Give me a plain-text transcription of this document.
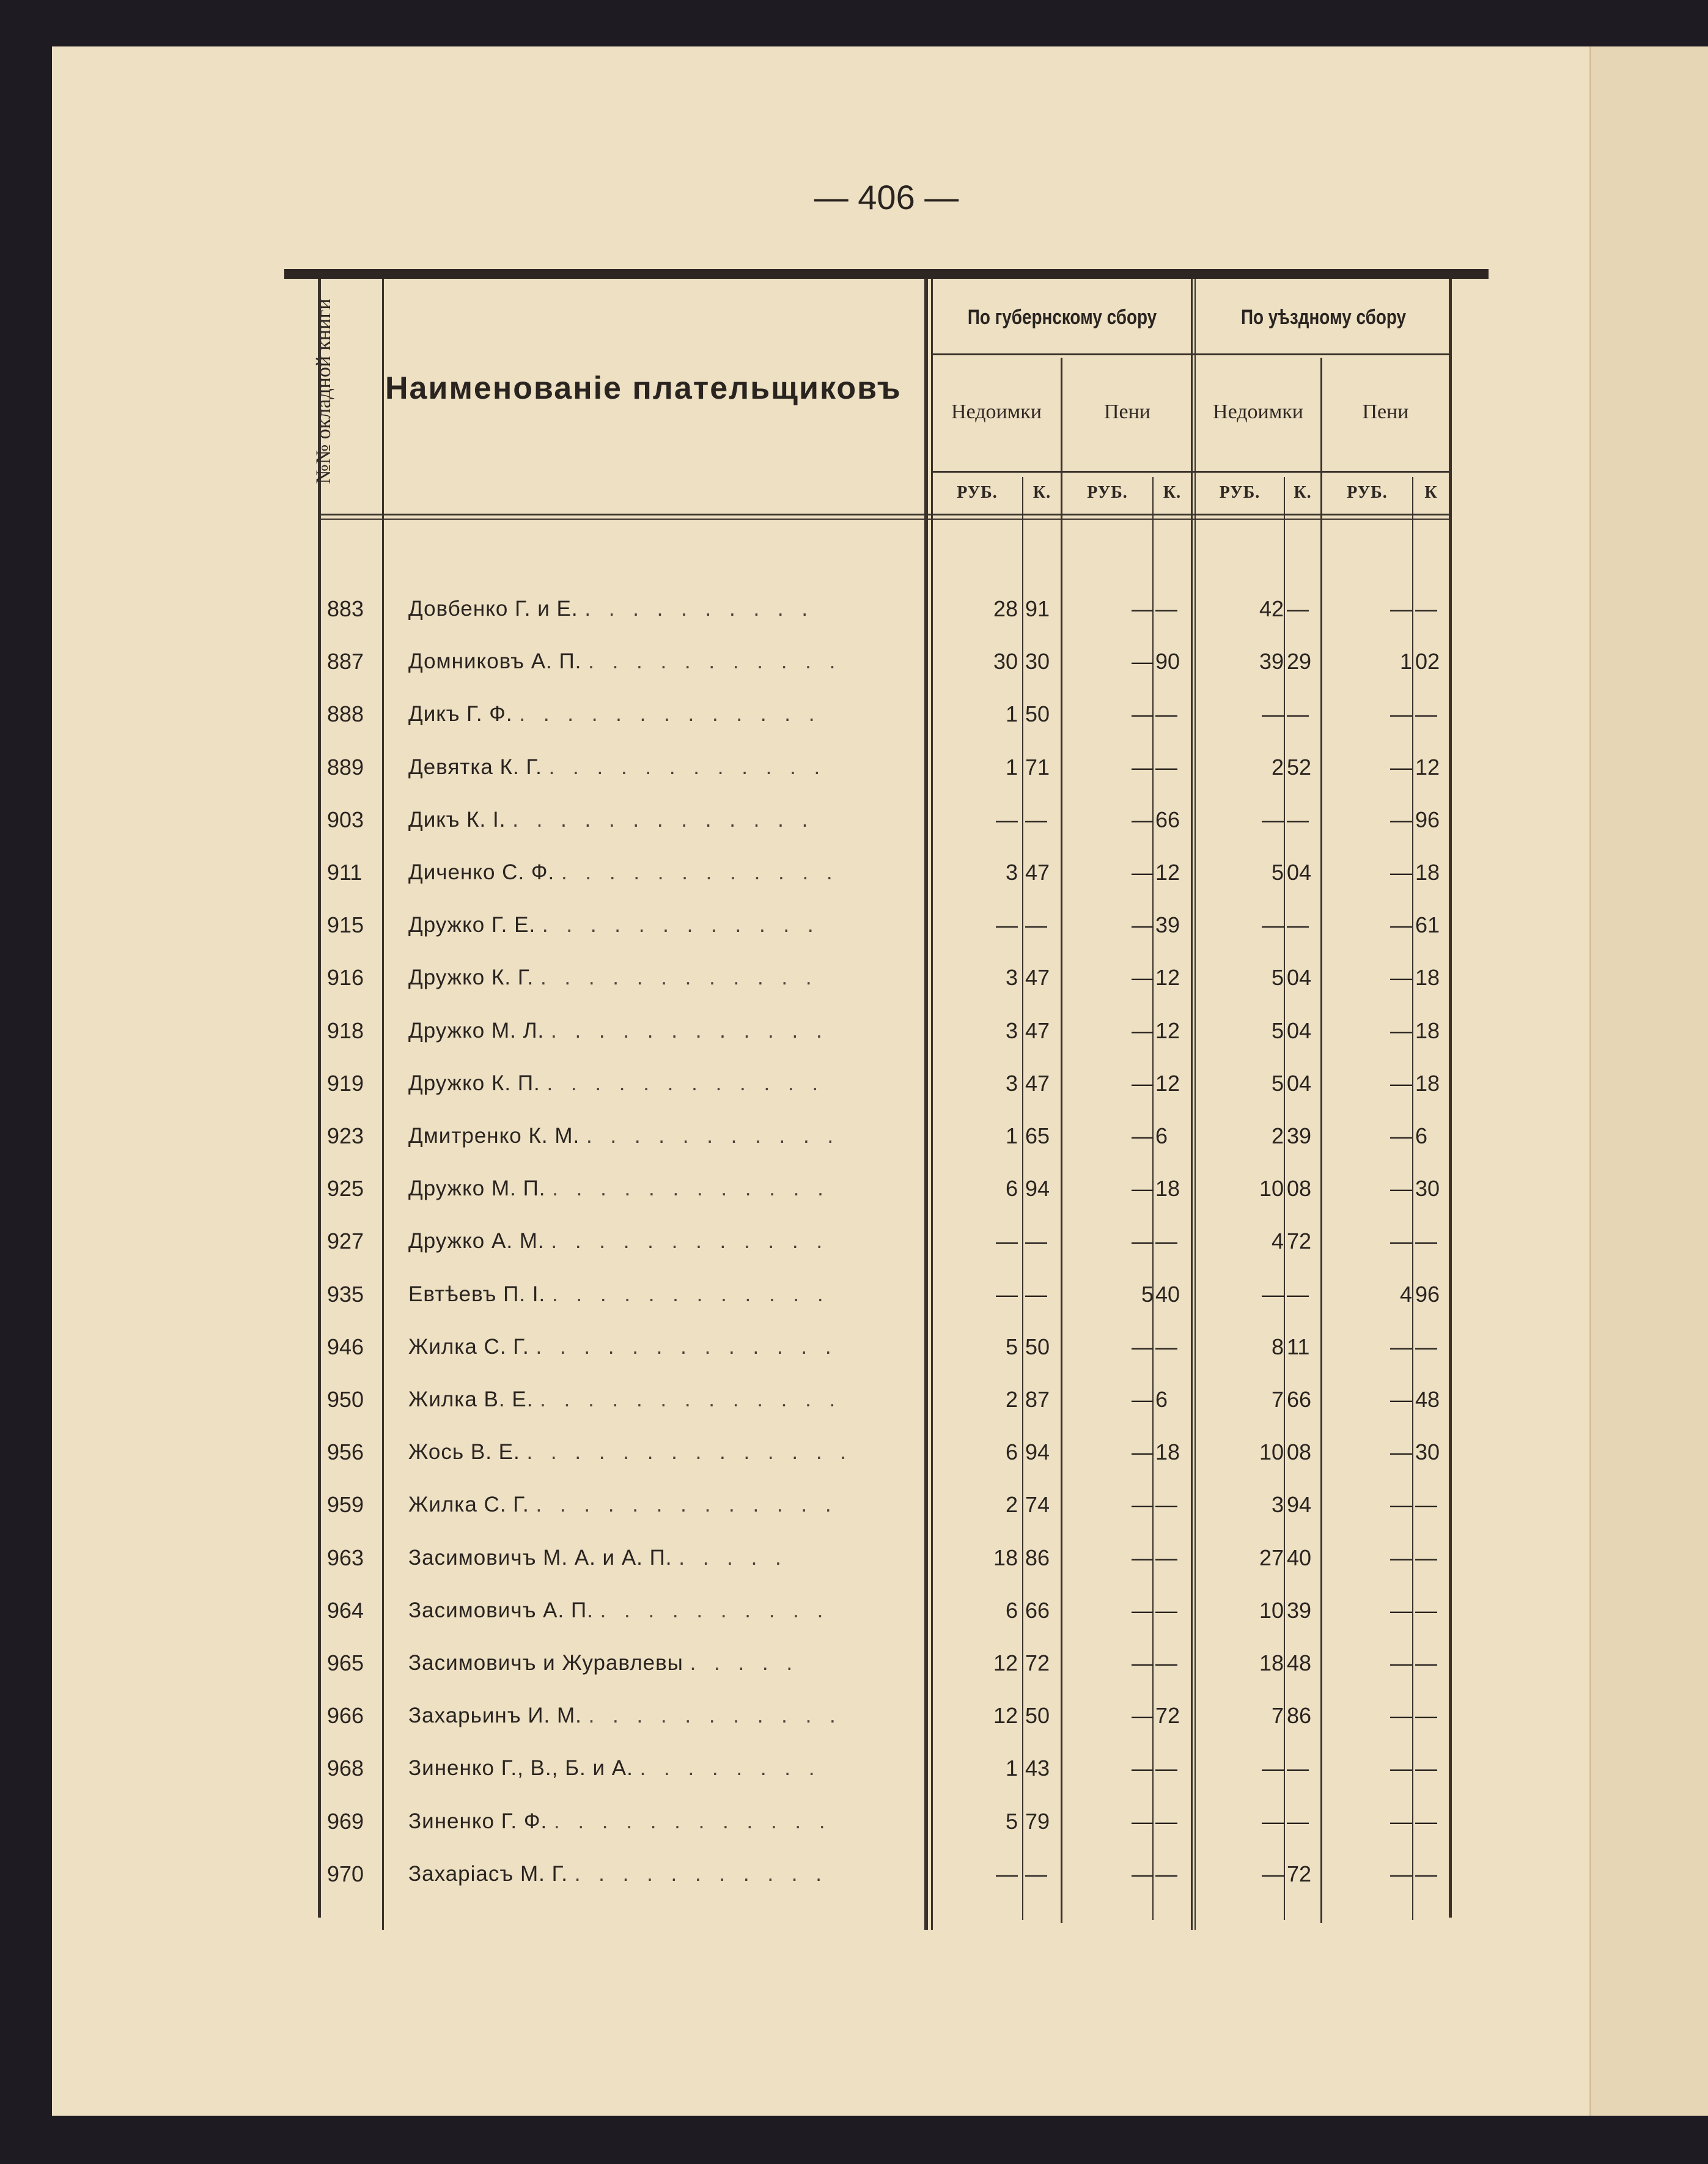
— 406 —
№№ окладной книги Наименованіе плательщиковъ
По губернскому сбору	По уѣздному сбору
Недоимки	Пени	Недоимки	Пени
РУБ.	К.	РУБ.	К.	РУБ.	К.	РУБ.	К
883	Довбенко Г. и Е. . . . . . . . . . .	28 91	— —	42 —	— —
887	Домниковъ А. П. . . . . . . . . . . .	30 30	— 90	39 29	1 02
888	Дикъ Г. Ф. . . . . . . . . . . . . .	1 50	— —	— —	— —
889	Девятка К. Г. . . . . . . . . . . . .	1 71	— —	2 52	— 12
903	Дикъ К. І. . . . . . . . . . . . . .	— —	— 66	— —	— 96
911	Диченко С. Ф. . . . . . . . . . . . .	3 47	— 12	5 04	— 18
915	Дружко Г. Е. . . . . . . . . . . . .	— —	— 39	— —	— 61
916	Дружко К. Г. . . . . . . . . . . . .	3 47	— 12	5 04	— 18
918	Дружко М. Л. . . . . . . . . . . . .	3 47	— 12	5 04	— 18
919	Дружко К. П. . . . . . . . . . . . .	3 47	— 12	5 04	— 18
923	Дмитренко К. М. . . . . . . . . . . .	1 65	— 6	2 39	— 6
925	Дружко М. П. . . . . . . . . . . . .	6 94	— 18	10 08	— 30
927	Дружко А. М. . . . . . . . . . . . .	— —	— —	4 72	— —
935	Евтѣевъ П. І. . . . . . . . . . . . .	— —	5 40	— —	4 96
946	Жилка С. Г. . . . . . . . . . . . . .	5 50	— —	8 11	— —
950	Жилка В. Е. . . . . . . . . . . . . .	2 87	— 6	7 66	— 48
956	Жось В. Е. . . . . . . . . . . . . . .	6 94	— 18	10 08	— 30
959	Жилка С. Г. . . . . . . . . . . . . .	2 74	— —	3 94	— —
963	Засимовичъ М. А. и А. П. . . . . .	18 86	— —	27 40	— —
964	Засимовичъ А. П. . . . . . . . . . .	6 66	— —	10 39	— —
965	Засимовичъ и Журавлевы . . . . .	12 72	— —	18 48	— —
966	Захарьинъ И. М. . . . . . . . . . . .	12 50	— 72	7 86	— —
968	Зиненко Г., В., Б. и А. . . . . . . . .	1 43	— —	— —	— —
969	Зиненко Г. Ф. . . . . . . . . . . . .	5 79	— —	— —	— —
970	Захаріасъ М. Г. . . . . . . . . . . .	— —	— —	— 72	— —
